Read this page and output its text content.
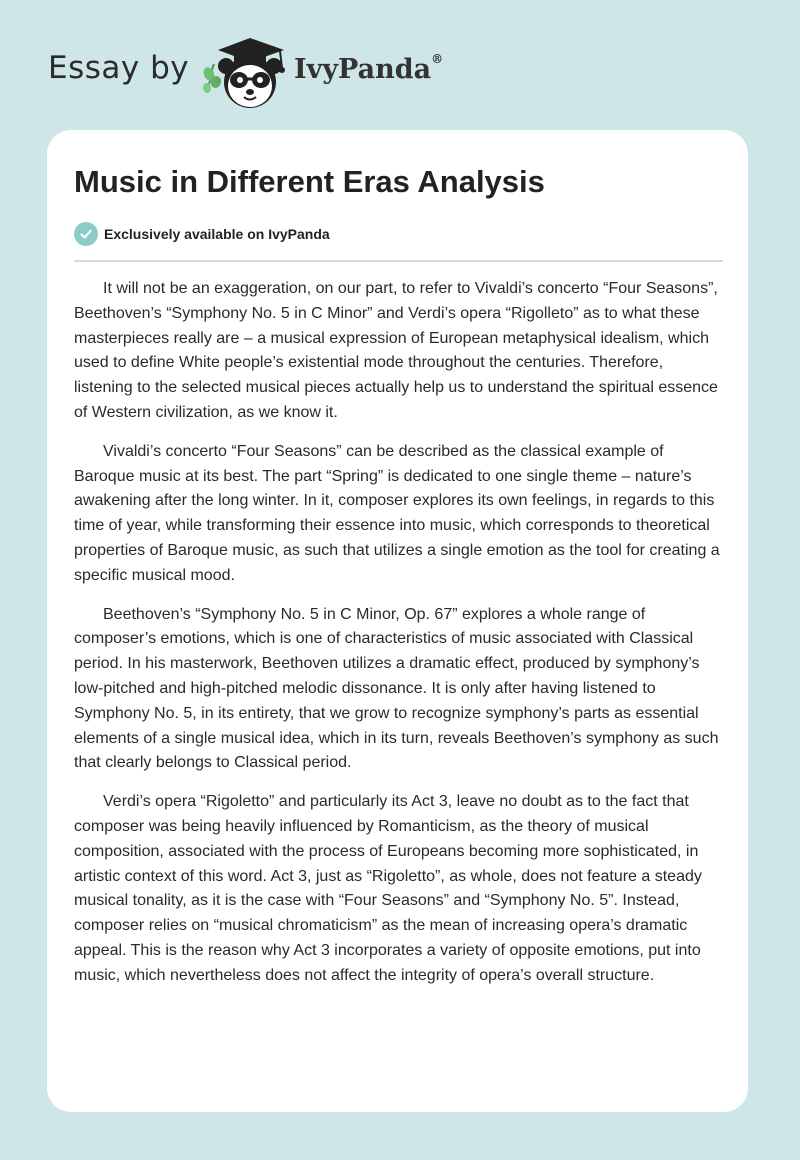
Essay by	IvyPanda®
Music in Different Eras Analysis
Exclusively available on IvyPanda

It will not be an exaggeration, on our part, to refer to Vivaldi’s concerto “Four Seasons”, Beethoven’s “Symphony No. 5 in C Minor” and Verdi’s opera “Rigolleto” as to what these masterpieces really are – a musical expression of European metaphysical idealism, which used to define White people’s existential mode throughout the centuries. Therefore, listening to the selected musical pieces actually help us to understand the spiritual essence of Western civilization, as we know it.

Vivaldi’s concerto “Four Seasons” can be described as the classical example of Baroque music at its best. The part “Spring” is dedicated to one single theme – nature’s awakening after the long winter. In it, composer explores its own feelings, in regards to this time of year, while transforming their essence into music, which corresponds to theoretical properties of Baroque music, as such that utilizes a single emotion as the tool for creating a specific musical mood.

Beethoven’s “Symphony No. 5 in C Minor, Op. 67” explores a whole range of composer’s emotions, which is one of characteristics of music associated with Classical period. In his masterwork, Beethoven utilizes a dramatic effect, produced by symphony’s low-pitched and high-pitched melodic dissonance. It is only after having listened to Symphony No. 5, in its entirety, that we grow to recognize symphony’s parts as essential elements of a single musical idea, which in its turn, reveals Beethoven’s symphony as such that clearly belongs to Classical period.

Verdi’s opera “Rigoletto” and particularly its Act 3, leave no doubt as to the fact that composer was being heavily influenced by Romanticism, as the theory of musical composition, associated with the process of Europeans becoming more sophisticated, in artistic context of this word. Act 3, just as “Rigoletto”, as whole, does not feature a steady musical tonality, as it is the case with “Four Seasons” and “Symphony No. 5”. Instead, composer relies on “musical chromaticism” as the mean of increasing opera’s dramatic appeal. This is the reason why Act 3 incorporates a variety of opposite emotions, put into music, which nevertheless does not affect the integrity of opera’s overall structure.
